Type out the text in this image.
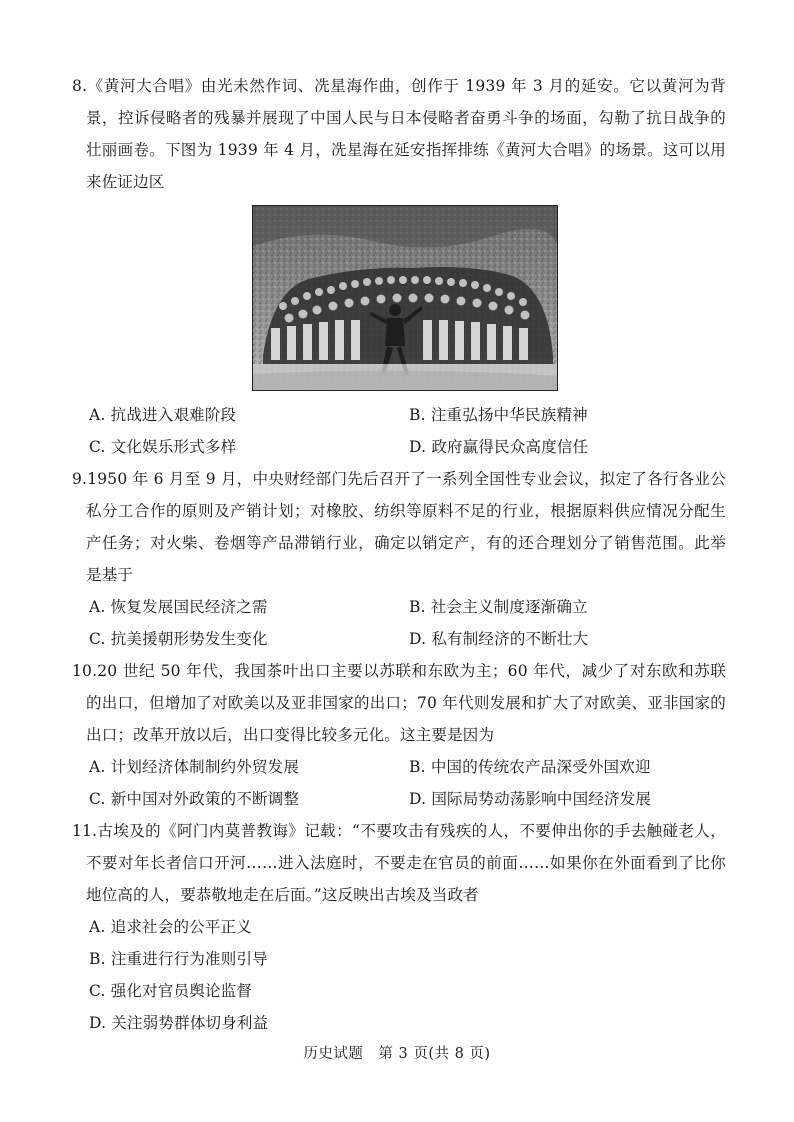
8.《黄河大合唱》由光未然作词、冼星海作曲，创作于 1939 年 3 月的延安。它以黄河为背景，控诉侵略者的残暴并展现了中国人民与日本侵略者奋勇斗争的场面，勾勒了抗日战争的壮丽画卷。下图为 1939 年 4 月，冼星海在延安指挥排练《黄河大合唱》的场景。这可以用来佐证边区
A. 抗战进入艰难阶段	B. 注重弘扬中华民族精神
C. 文化娱乐形式多样	D. 政府赢得民众高度信任
9.1950 年 6 月至 9 月，中央财经部门先后召开了一系列全国性专业会议，拟定了各行各业公私分工合作的原则及产销计划；对橡胶、纺织等原料不足的行业，根据原料供应情况分配生产任务；对火柴、卷烟等产品滞销行业，确定以销定产，有的还合理划分了销售范围。此举是基于
A. 恢复发展国民经济之需	B. 社会主义制度逐渐确立
C. 抗美援朝形势发生变化	D. 私有制经济的不断壮大
10.20 世纪 50 年代，我国茶叶出口主要以苏联和东欧为主；60 年代，减少了对东欧和苏联的出口，但增加了对欧美以及亚非国家的出口；70 年代则发展和扩大了对欧美、亚非国家的出口；改革开放以后，出口变得比较多元化。这主要是因为
A. 计划经济体制制约外贸发展	B. 中国的传统农产品深受外国欢迎
C. 新中国对外政策的不断调整	D. 国际局势动荡影响中国经济发展
11.古埃及的《阿门内莫普教诲》记载：“不要攻击有残疾的人，不要伸出你的手去触碰老人，不要对年长者信口开河……进入法庭时，不要走在官员的前面……如果你在外面看到了比你地位高的人，要恭敬地走在后面。”这反映出古埃及当政者
A. 追求社会的公平正义
B. 注重进行行为准则引导
C. 强化对官员舆论监督
D. 关注弱势群体切身利益
历史试题　第 3 页(共 8 页)
